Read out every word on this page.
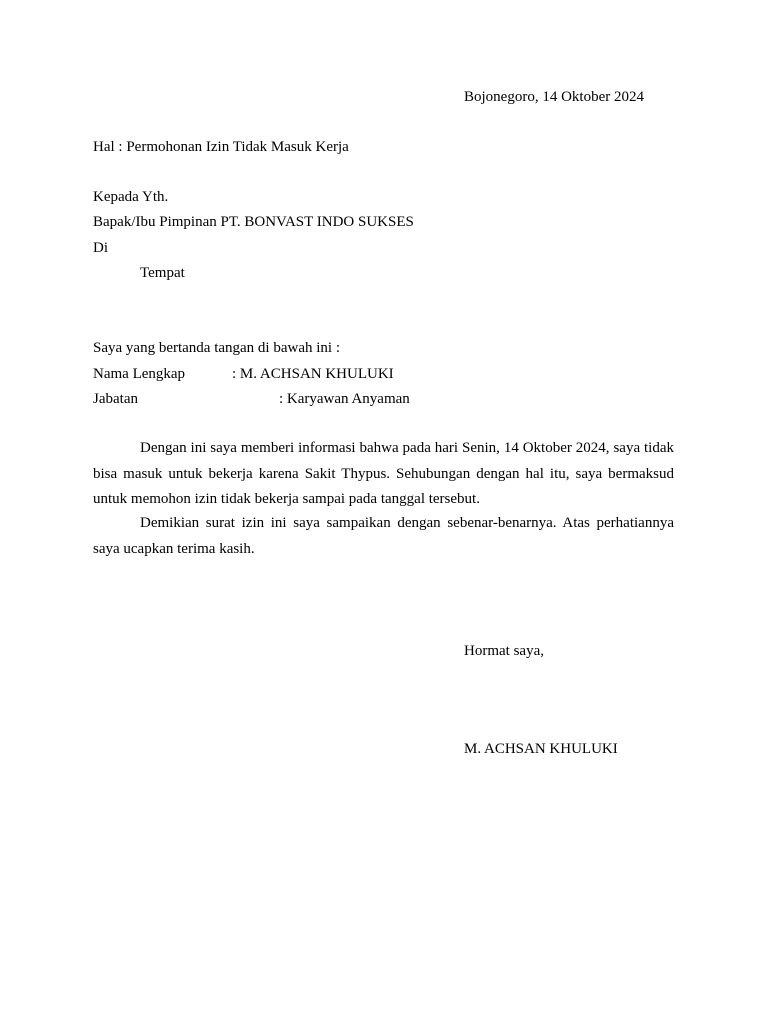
Bojonegoro, 14 Oktober 2024
Hal : Permohonan Izin Tidak Masuk Kerja
Kepada Yth.
Bapak/Ibu Pimpinan PT. BONVAST INDO SUKSES
Di
Tempat
Saya yang bertanda tangan di bawah ini :
Nama Lengkap	: M. ACHSAN KHULUKI
Jabatan	: Karyawan Anyaman
Dengan ini saya memberi informasi bahwa pada hari Senin, 14 Oktober 2024, saya tidak bisa masuk untuk bekerja karena Sakit Thypus. Sehubungan dengan hal itu, saya bermaksud untuk memohon izin tidak bekerja sampai pada tanggal tersebut.
Demikian surat izin ini saya sampaikan dengan sebenar-benarnya. Atas perhatiannya saya ucapkan terima kasih.
Hormat saya,
M. ACHSAN KHULUKI
